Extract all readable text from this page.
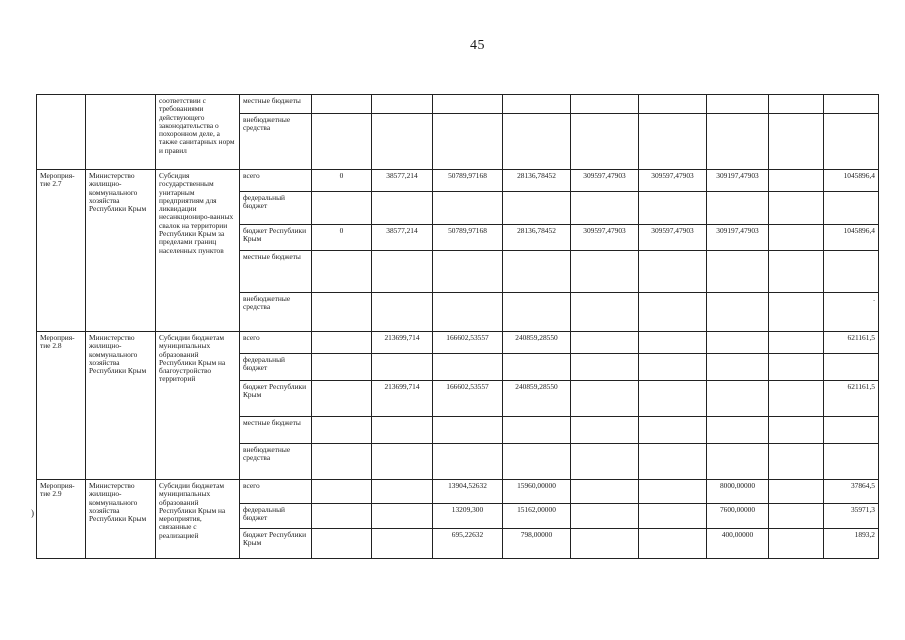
45
)
		соответствии с требованиями действующего законодательства о похоронном деле, а также санитарных норм и правил	местные бюджеты									
			внебюджетные средства									
Мероприя-тие 2.7	Министерство жилищно-коммунального хозяйства Республики Крым	Субсидия государственным унитарным предприятиям для ликвидации несанкциониро-ванных свалок на территории Республики Крым за пределами границ населенных пунктов	всего	0	38577,214	50789,97168	28136,78452	309597,47903	309597,47903	309197,47903		1045896,4
			федеральный бюджет									
			бюджет Республики Крым	0	38577,214	50789,97168	28136,78452	309597,47903	309597,47903	309197,47903		1045896,4
			местные бюджеты									
			внебюджетные средства									.
Мероприя-тие 2.8	Министерство жилищно-коммунального хозяйства Республики Крым	Субсидии бюджетам муниципальных образований Республики Крым на благоустройство территорий	всего		213699,714	166602,53557	240859,28550					621161,5
			федеральный бюджет									
			бюджет Республики Крым		213699,714	166602,53557	240859,28550					621161,5
			местные бюджеты									
			внебюджетные средства									
Мероприя-тие 2.9	Министерство жилищно-коммунального хозяйства Республики Крым	Субсидии бюджетам муниципальных образований Республики Крым на мероприятия, связанные с реализацией	всего			13904,52632	15960,00000			8000,00000		37864,5
			федеральный бюджет			13209,300	15162,00000			7600,00000		35971,3
			бюджет Республики Крым			695,22632	798,00000			400,00000		1893,2
